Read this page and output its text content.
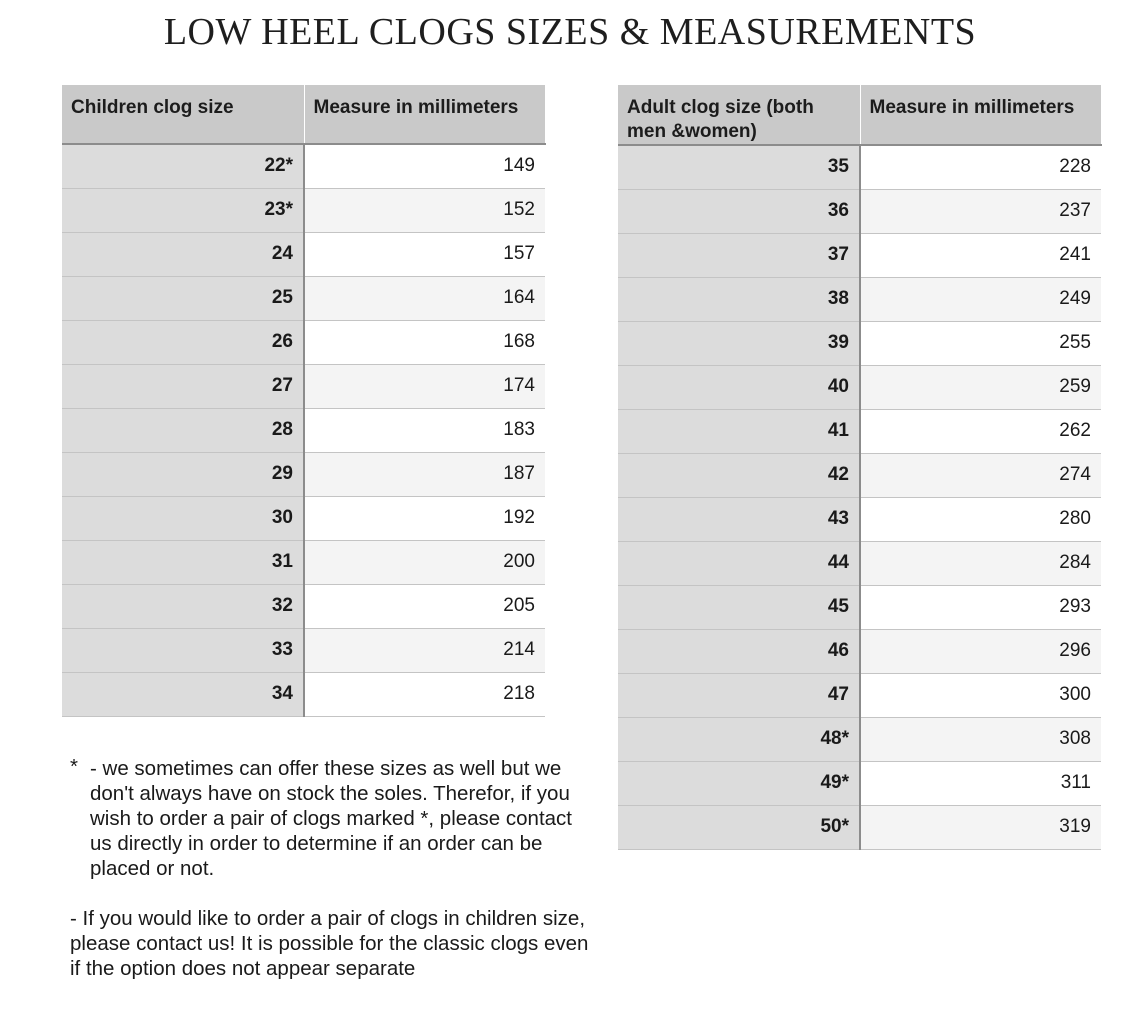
LOW HEEL CLOGS SIZES & MEASUREMENTS
Children clog size	Measure in millimeters
22*	149
23*	152
24	157
25	164
26	168
27	174
28	183
29	187
30	192
31	200
32	205
33	214
34	218
Adult clog size (both men &women)	Measure in millimeters
35	228
36	237
37	241
38	249
39	255
40	259
41	262
42	274
43	280
44	284
45	293
46	296
47	300
48*	308
49*	311
50*	319
* - we sometimes can offer these sizes as well but we don't always have on stock the soles. Therefor, if you wish to order a pair of clogs marked *, please contact us directly in order to determine if an order can be placed or not.
- If you would like to order a pair of clogs in children size, please contact us! It is possible for the classic clogs even if the option does not appear separate
